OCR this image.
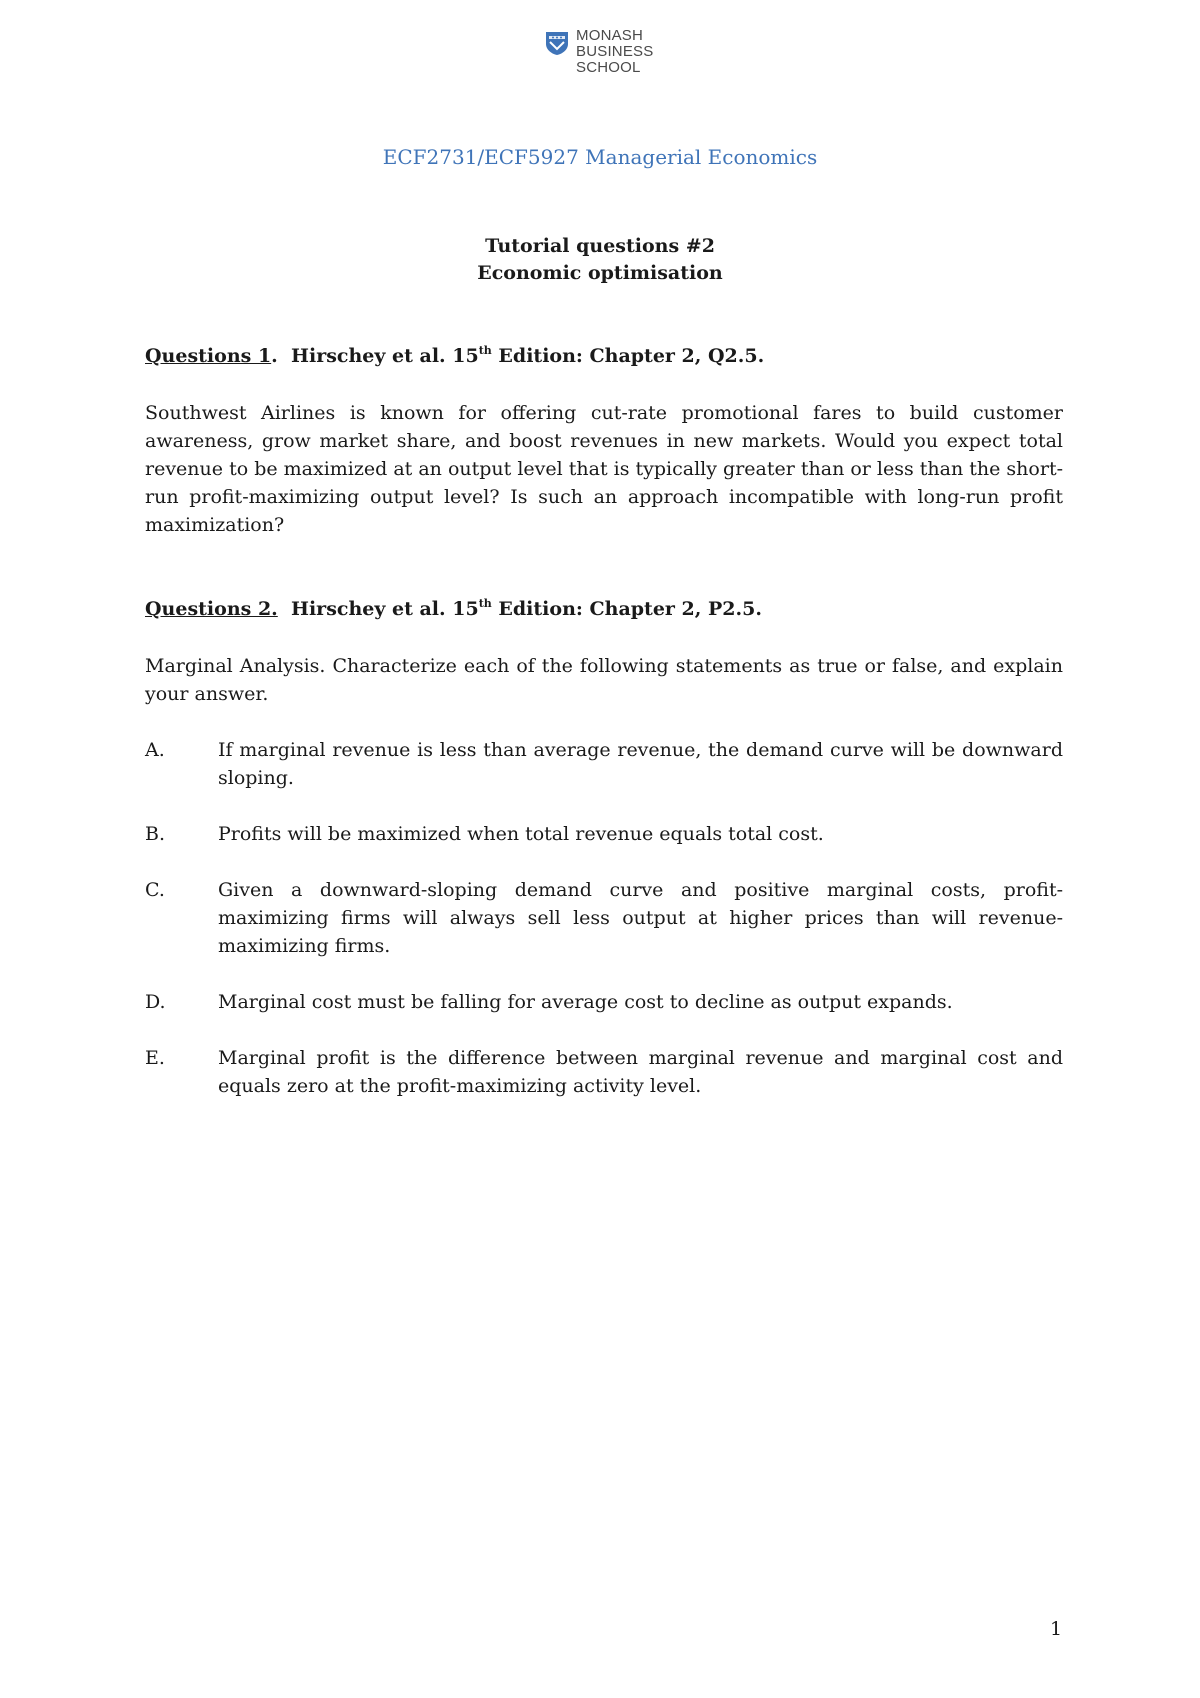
MONASH
BUSINESS
SCHOOL
ECF2731/ECF5927 Managerial Economics
Tutorial questions #2
Economic optimisation
Questions 1. Hirschey et al. 15th Edition: Chapter 2, Q2.5.
Southwest Airlines is known for offering cut-rate promotional fares to build customer awareness, grow market share, and boost revenues in new markets. Would you expect total revenue to be maximized at an output level that is typically greater than or less than the short-run profit-maximizing output level? Is such an approach incompatible with long-run profit maximization?
Questions 2. Hirschey et al. 15th Edition: Chapter 2, P2.5.
Marginal Analysis. Characterize each of the following statements as true or false, and explain your answer.
A.	If marginal revenue is less than average revenue, the demand curve will be downward sloping.
B.	Profits will be maximized when total revenue equals total cost.
C.	Given a downward-sloping demand curve and positive marginal costs, profit-maximizing firms will always sell less output at higher prices than will revenue-maximizing firms.
D.	Marginal cost must be falling for average cost to decline as output expands.
E.	Marginal profit is the difference between marginal revenue and marginal cost and equals zero at the profit-maximizing activity level.
1
